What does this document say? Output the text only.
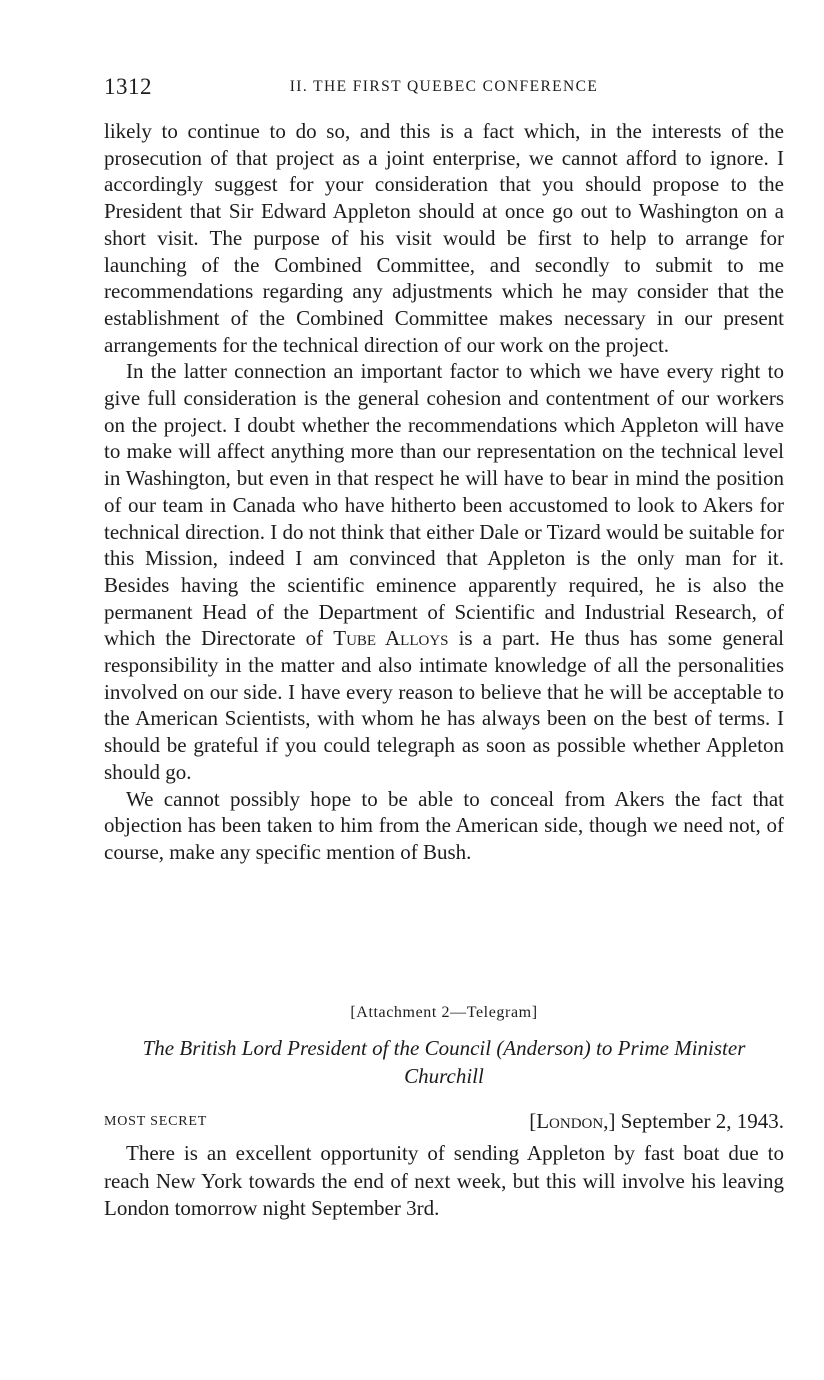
1312	II. THE FIRST QUEBEC CONFERENCE

likely to continue to do so, and this is a fact which, in the interests of the prosecution of that project as a joint enterprise, we cannot afford to ignore. I accordingly suggest for your consideration that you should propose to the President that Sir Edward Appleton should at once go out to Washington on a short visit. The purpose of his visit would be first to help to arrange for launching of the Combined Committee, and secondly to submit to me recommendations regarding any adjustments which he may consider that the establishment of the Combined Committee makes necessary in our present arrangements for the technical direction of our work on the project.

In the latter connection an important factor to which we have every right to give full consideration is the general cohesion and contentment of our workers on the project. I doubt whether the recommendations which Appleton will have to make will affect anything more than our representation on the technical level in Washington, but even in that respect he will have to bear in mind the position of our team in Canada who have hitherto been accustomed to look to Akers for technical direction. I do not think that either Dale or Tizard would be suitable for this Mission, indeed I am convinced that Appleton is the only man for it. Besides having the scientific eminence apparently required, he is also the permanent Head of the Department of Scientific and Industrial Research, of which the Directorate of Tube Alloys is a part. He thus has some general responsibility in the matter and also intimate knowledge of all the personalities involved on our side. I have every reason to believe that he will be acceptable to the American Scientists, with whom he has always been on the best of terms. I should be grateful if you could telegraph as soon as possible whether Appleton should go.

We cannot possibly hope to be able to conceal from Akers the fact that objection has been taken to him from the American side, though we need not, of course, make any specific mention of Bush.

[Attachment 2—Telegram]
The British Lord President of the Council (Anderson) to Prime Minister Churchill
MOST SECRET	[London,] September 2, 1943.

There is an excellent opportunity of sending Appleton by fast boat due to reach New York towards the end of next week, but this will involve his leaving London tomorrow night September 3rd.
